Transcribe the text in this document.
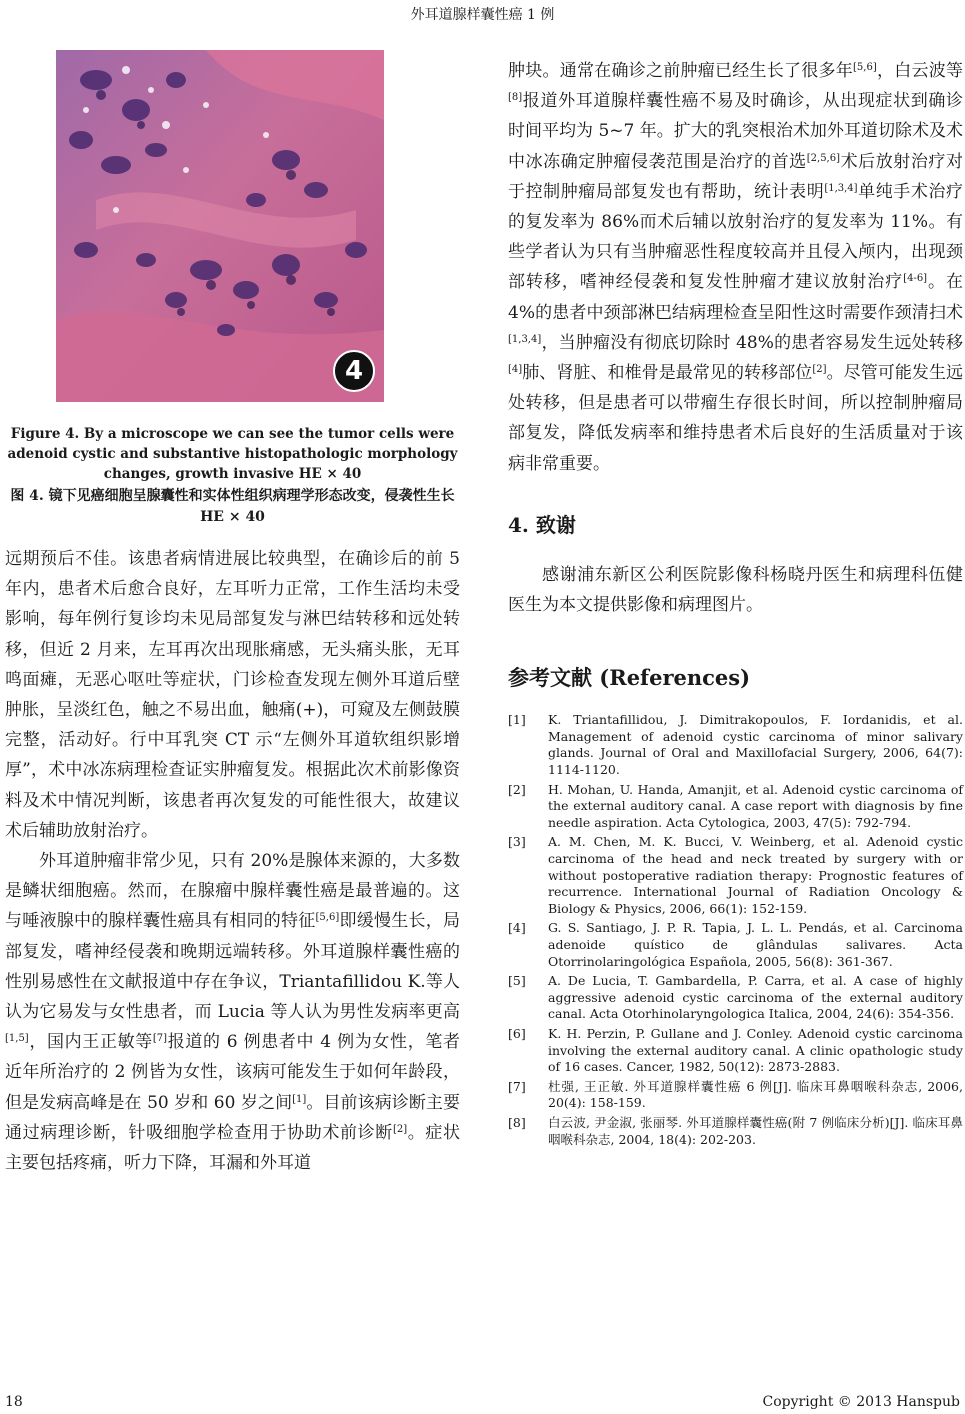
外耳道腺样囊性癌 1 例
4
Figure 4. By a microscope we can see the tumor cells were adenoid cystic and substantive histopathologic morphology changes, growth invasive HE × 40
图 4. 镜下见癌细胞呈腺囊性和实体性组织病理学形态改变，侵袭性生长 HE × 40

远期预后不佳。该患者病情进展比较典型，在确诊后的前 5 年内，患者术后愈合良好，左耳听力正常，工作生活均未受影响，每年例行复诊均未见局部复发与淋巴结转移和远处转移，但近 2 月来，左耳再次出现胀痛感，无头痛头胀，无耳鸣面瘫，无恶心呕吐等症状，门诊检查发现左侧外耳道后壁肿胀，呈淡红色，触之不易出血，触痛(+)，可窥及左侧鼓膜完整，活动好。行中耳乳突 CT 示“左侧外耳道软组织影增厚”，术中冰冻病理检查证实肿瘤复发。根据此次术前影像资料及术中情况判断，该患者再次复发的可能性很大，故建议术后辅助放射治疗。

外耳道肿瘤非常少见，只有 20%是腺体来源的，大多数是鳞状细胞癌。然而，在腺瘤中腺样囊性癌是最普遍的。这与唾液腺中的腺样囊性癌具有相同的特征[5,6]即缓慢生长，局部复发，嗜神经侵袭和晚期远端转移。外耳道腺样囊性癌的性别易感性在文献报道中存在争议，Triantafillidou K.等人认为它易发与女性患者，而 Lucia 等人认为男性发病率更高[1,5]，国内王正敏等[7]报道的 6 例患者中 4 例为女性，笔者近年所治疗的 2 例皆为女性，该病可能发生于如何年龄段，但是发病高峰是在 50 岁和 60 岁之间[1]。目前该病诊断主要通过病理诊断，针吸细胞学检查用于协助术前诊断[2]。症状主要包括疼痛，听力下降，耳漏和外耳道

肿块。通常在确诊之前肿瘤已经生长了很多年[5,6]，白云波等[8]报道外耳道腺样囊性癌不易及时确诊，从出现症状到确诊时间平均为 5~7 年。扩大的乳突根治术加外耳道切除术及术中冰冻确定肿瘤侵袭范围是治疗的首选[2,5,6]术后放射治疗对于控制肿瘤局部复发也有帮助，统计表明[1,3,4]单纯手术治疗的复发率为 86%而术后辅以放射治疗的复发率为 11%。有些学者认为只有当肿瘤恶性程度较高并且侵入颅内，出现颈部转移，嗜神经侵袭和复发性肿瘤才建议放射治疗[4-6]。在 4%的患者中颈部淋巴结病理检查呈阳性这时需要作颈清扫术[1,3,4]，当肿瘤没有彻底切除时 48%的患者容易发生远处转移[4]肺、肾脏、和椎骨是最常见的转移部位[2]。尽管可能发生远处转移，但是患者可以带瘤生存很长时间，所以控制肿瘤局部复发，降低发病率和维持患者术后良好的生活质量对于该病非常重要。

4. 致谢

感谢浦东新区公利医院影像科杨晓丹医生和病理科伍健医生为本文提供影像和病理图片。

参考文献 (References)
[1]	K. Triantafillidou, J. Dimitrakopoulos, F. Iordanidis, et al. Management of adenoid cystic carcinoma of minor salivary glands. Journal of Oral and Maxillofacial Surgery, 2006, 64(7): 1114-1120.
[2]	H. Mohan, U. Handa, Amanjit, et al. Adenoid cystic carcinoma of the external auditory canal. A case report with diagnosis by fine needle aspiration. Acta Cytologica, 2003, 47(5): 792-794.
[3]	A. M. Chen, M. K. Bucci, V. Weinberg, et al. Adenoid cystic carcinoma of the head and neck treated by surgery with or without postoperative radiation therapy: Prognostic features of recurrence. International Journal of Radiation Oncology & Biology & Physics, 2006, 66(1): 152-159.
[4]	G. S. Santiago, J. P. R. Tapia, J. L. L. Pendás, et al. Carcinoma adenoide quístico de glândulas salivares. Acta Otorrinolaringológica Española, 2005, 56(8): 361-367.
[5]	A. De Lucia, T. Gambardella, P. Carra, et al. A case of highly aggressive adenoid cystic carcinoma of the external auditory canal. Acta Otorhinolaryngologica Italica, 2004, 24(6): 354-356.
[6]	K. H. Perzin, P. Gullane and J. Conley. Adenoid cystic carcinoma involving the external auditory canal. A clinic opathologic study of 16 cases. Cancer, 1982, 50(12): 2873-2883.
[7]	杜强, 王正敏. 外耳道腺样囊性癌 6 例[J]. 临床耳鼻咽喉科杂志, 2006, 20(4): 158-159.
[8]	白云波, 尹金淑, 张丽琴. 外耳道腺样囊性癌(附 7 例临床分析)[J]. 临床耳鼻咽喉科杂志, 2004, 18(4): 202-203.
18	Copyright © 2013 Hanspub
